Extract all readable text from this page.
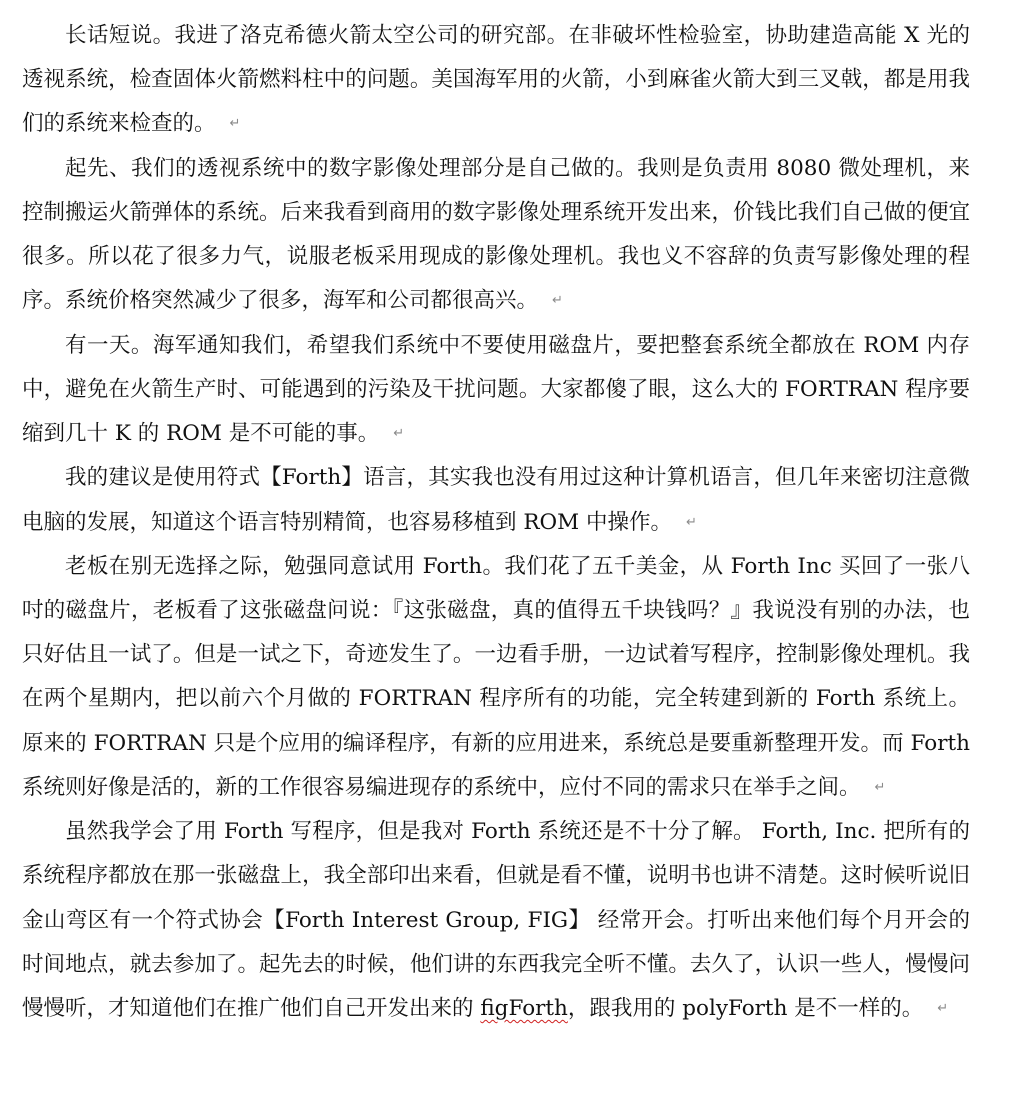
长话短说。我进了洛克希德火箭太空公司的研究部。在非破坏性检验室，协助建造高能 X 光的透视系统，检查固体火箭燃料柱中的问题。美国海军用的火箭，小到麻雀火箭大到三叉戟，都是用我们的系统来检查的。 ↵

起先、我们的透视系统中的数字影像处理部分是自己做的。我则是负责用 8080 微处理机，来控制搬运火箭弹体的系统。后来我看到商用的数字影像处理系统开发出来，价钱比我们自己做的便宜很多。所以花了很多力气，说服老板采用现成的影像处理机。我也义不容辞的负责写影像处理的程序。系统价格突然减少了很多，海军和公司都很高兴。 ↵

有一天。海军通知我们，希望我们系统中不要使用磁盘片，要把整套系统全都放在 ROM 内存中，避免在火箭生产时、可能遇到的污染及干扰问题。大家都傻了眼，这么大的 FORTRAN 程序要缩到几十 K 的 ROM 是不可能的事。 ↵

我的建议是使用符式【Forth】语言，其实我也没有用过这种计算机语言，但几年来密切注意微电脑的发展，知道这个语言特别精简，也容易移植到 ROM 中操作。 ↵

老板在别无选择之际，勉强同意试用 Forth。我们花了五千美金，从 Forth Inc 买回了一张八吋的磁盘片，老板看了这张磁盘问说：『这张磁盘，真的值得五千块钱吗？』我说没有别的办法，也只好估且一试了。但是一试之下，奇迹发生了。一边看手册，一边试着写程序，控制影像处理机。我在两个星期内，把以前六个月做的 FORTRAN 程序所有的功能，完全转建到新的 Forth 系统上。原来的 FORTRAN 只是个应用的编译程序，有新的应用进来，系统总是要重新整理开发。而 Forth 系统则好像是活的，新的工作很容易编进现存的系统中，应付不同的需求只在举手之间。 ↵

虽然我学会了用 Forth 写程序，但是我对 Forth 系统还是不十分了解。 Forth, Inc. 把所有的系统程序都放在那一张磁盘上，我全部印出来看，但就是看不懂，说明书也讲不清楚。这时候听说旧金山弯区有一个符式协会【Forth Interest Group, FIG】 经常开会。打听出来他们每个月开会的时间地点，就去参加了。起先去的时候，他们讲的东西我完全听不懂。去久了，认识一些人，慢慢问慢慢听，才知道他们在推广他们自己开发出来的 figForth，跟我用的 polyForth 是不一样的。 ↵
